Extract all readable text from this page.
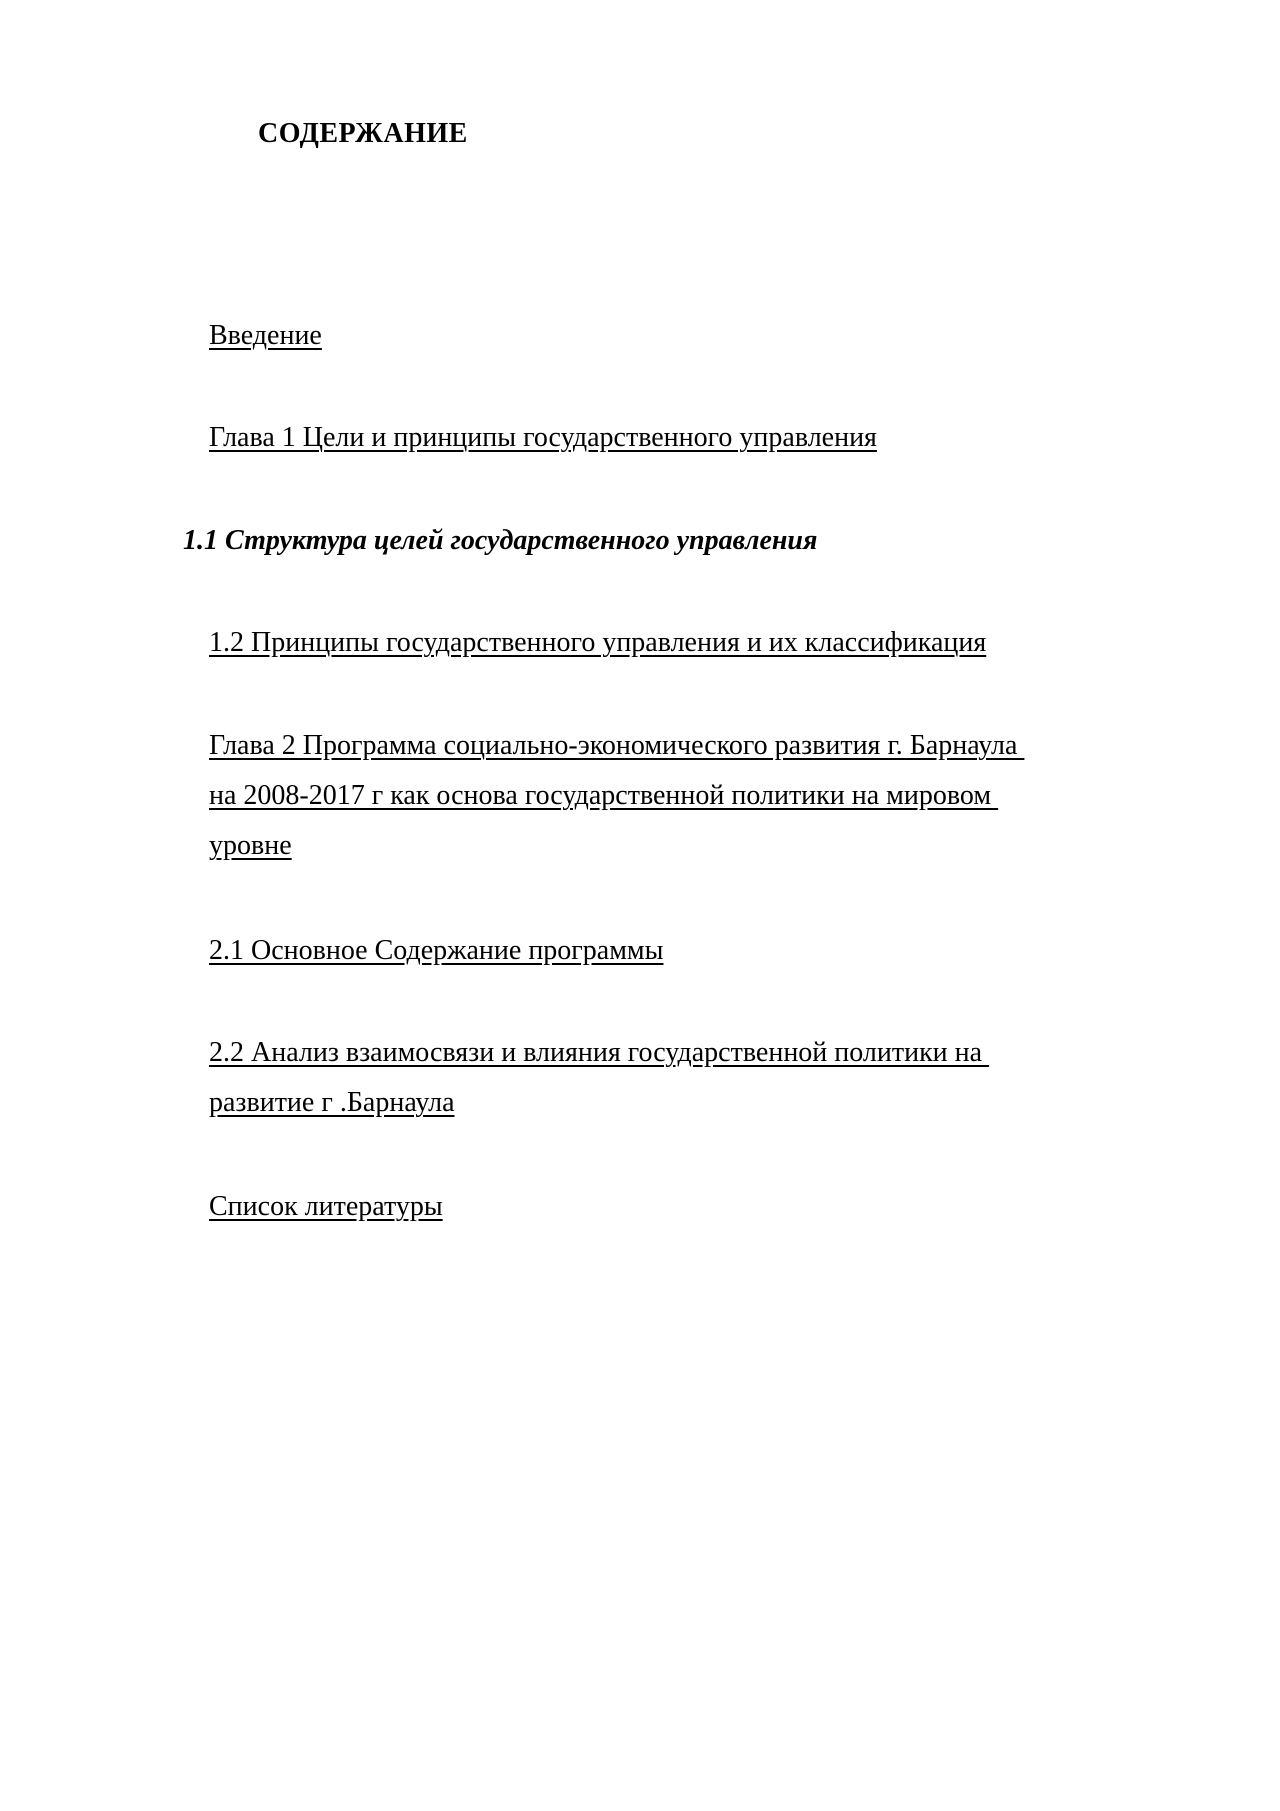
СОДЕРЖАНИЕ
Введение
Глава 1 Цели и принципы государственного управления
1.1 Структура целей государственного управления
1.2 Принципы государственного управления и их классификация
Глава 2 Программа социально-экономического развития г. Барнаула
на 2008-2017 г как основа государственной политики на мировом
уровне
2.1 Основное Содержание программы
2.2 Анализ взаимосвязи и влияния государственной политики на
развитие г .Барнаула
Список литературы
